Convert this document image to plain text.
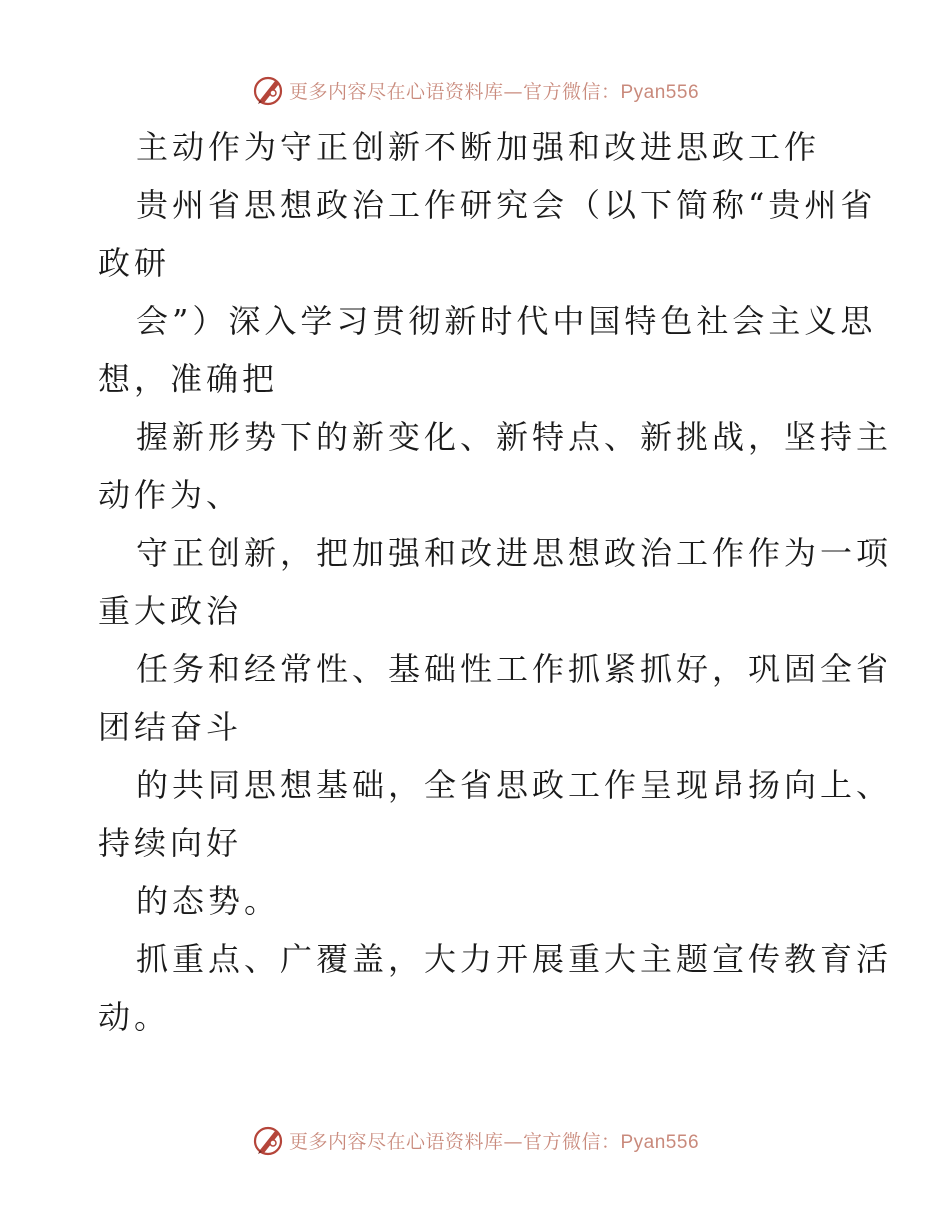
更多内容尽在心语资料库—官方微信：Pyan556

主动作为守正创新不断加强和改进思政工作

贵州省思想政治工作研究会（以下简称“贵州省

政研

会”）深入学习贯彻新时代中国特色社会主义思

想，准确把

握新形势下的新变化、新特点、新挑战，坚持主

动作为、

守正创新，把加强和改进思想政治工作作为一项

重大政治

任务和经常性、基础性工作抓紧抓好，巩固全省

团结奋斗

的共同思想基础，全省思政工作呈现昂扬向上、

持续向好

的态势。

抓重点、广覆盖，大力开展重大主题宣传教育活

动。

更多内容尽在心语资料库—官方微信：Pyan556
